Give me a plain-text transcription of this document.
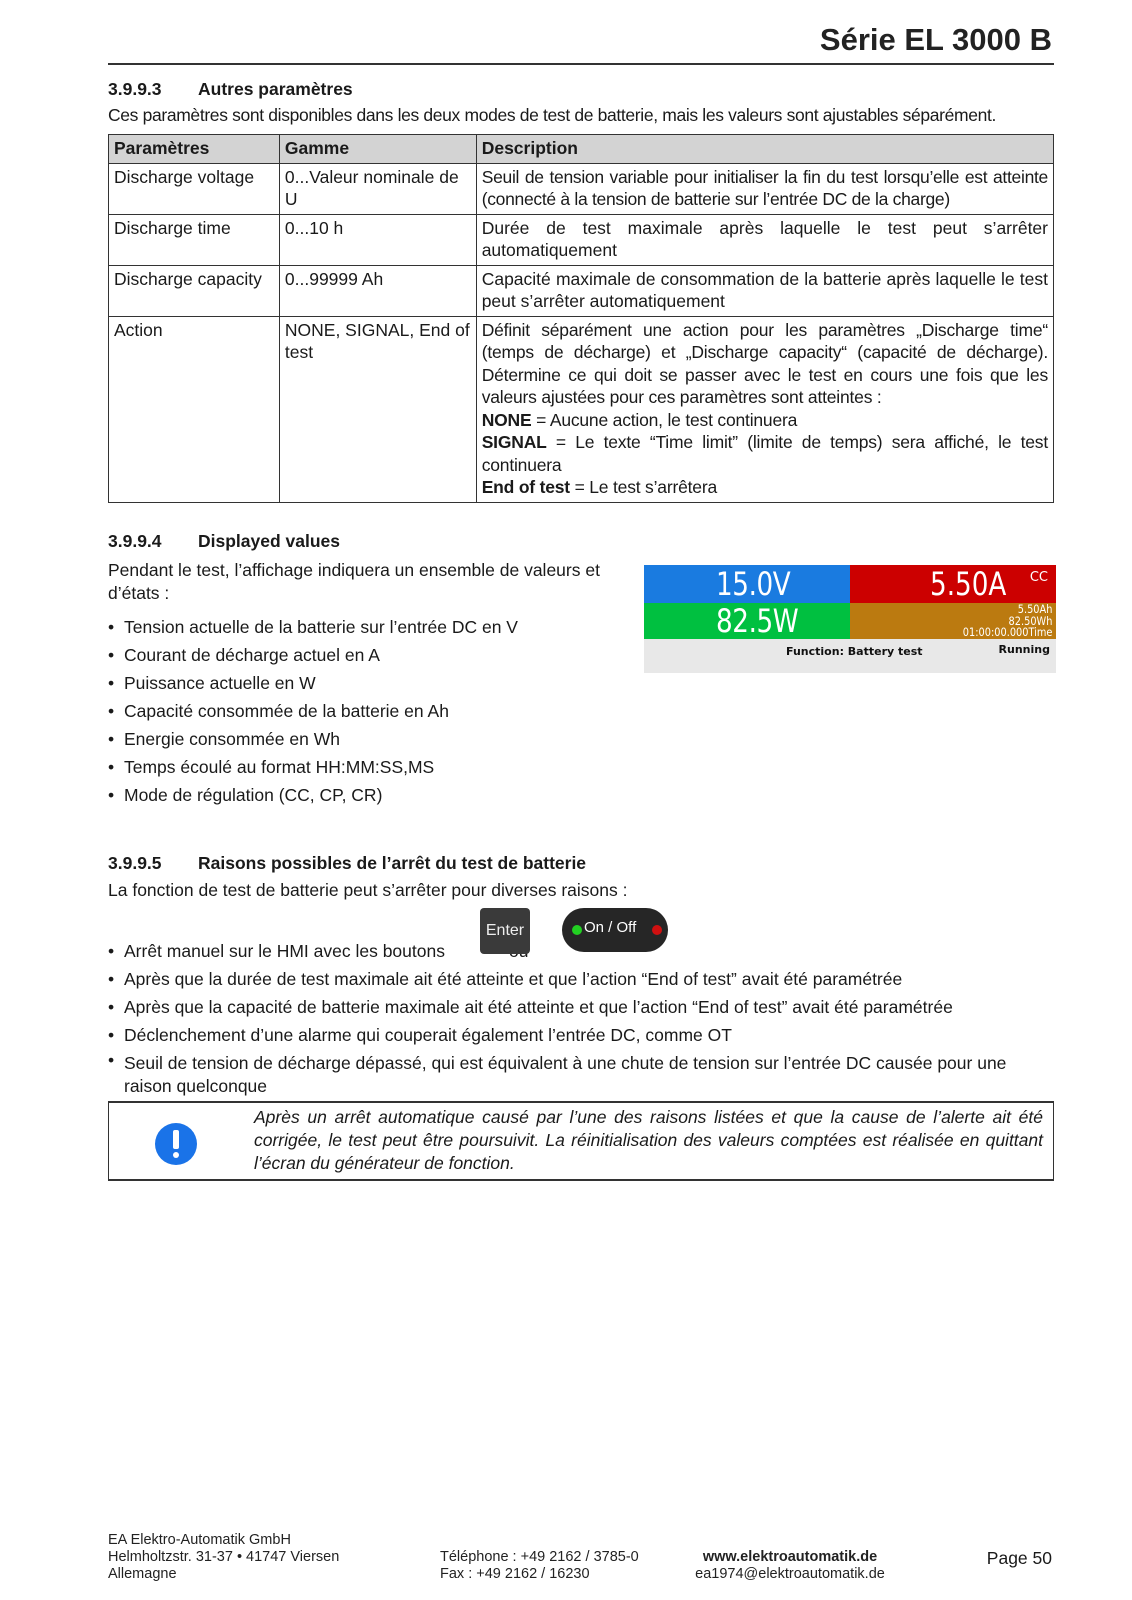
Série EL 3000 B
3.9.9.3 Autres paramètres
Ces paramètres sont disponibles dans les deux modes de test de batterie, mais les valeurs sont ajustables séparément.
Paramètres	Gamme	Description
Discharge voltage	0...Valeur nominale de U	Seuil de tension variable pour initialiser la fin du test lorsqu’elle est atteinte (connecté à la tension de batterie sur l’entrée DC de la charge)
Discharge time	0...10 h	Durée de test maximale après laquelle le test peut s’arrêter automatiquement
Discharge capacity	0...99999 Ah	Capacité maximale de consommation de la batterie après laquelle le test peut s’arrêter automatiquement
Action	NONE, SIGNAL, End of test	Définit séparément une action pour les paramètres „Discharge time“ (temps de décharge) et „Discharge capacity“ (capacité de décharge). Détermine ce qui doit se passer avec le test en cours une fois que les valeurs ajustées pour ces paramètres sont atteintes :
NONE = Aucune action, le test continuera
SIGNAL = Le texte “Time limit” (limite de temps) sera affiché, le test continuera
End of test = Le test s’arrêtera
3.9.9.4 Displayed values
Pendant le test, l’affichage indiquera un ensemble de valeurs et d’états :
• Tension actuelle de la batterie sur l’entrée DC en V
• Courant de décharge actuel en A
• Puissance actuelle en W
• Capacité consommée de la batterie en Ah
• Energie consommée en Wh
• Temps écoulé au format HH:MM:SS,MS
• Mode de régulation (CC, CP, CR)
15.0V	5.50A CC
82.5W	5.50Ah
82.50Wh
01:00:00.000Time
Function: Battery test	Running
3.9.9.5 Raisons possibles de l’arrêt du test de batterie
La fonction de test de batterie peut s’arrêter pour diverses raisons :
• Arrêt manuel sur le HMI avec les boutons
• Après que la durée de test maximale ait été atteinte et que l’action “End of test” avait été paramétrée
• Après que la capacité de batterie maximale ait été atteinte et que l’action “End of test” avait été paramétrée
• Déclenchement d’une alarme qui couperait également l’entrée DC, comme OT
• Seuil de tension de décharge dépassé, qui est équivalent à une chute de tension sur l’entrée DC causée pour une raison quelconque
Enter	On / Off
Après un arrêt automatique causé par l’une des raisons listées et que la cause de l’alerte ait été corrigée, le test peut être poursuivit. La réinitialisation des valeurs comptées est réalisée en quittant l’écran du générateur de fonction.
EA Elektro-Automatik GmbH
Helmholtzstr. 31-37 • 41747 Viersen
Allemagne
Téléphone : +49 2162 / 3785-0
Fax : +49 2162 / 16230
www.elektroautomatik.de
ea1974@elektroautomatik.de
Page 50
